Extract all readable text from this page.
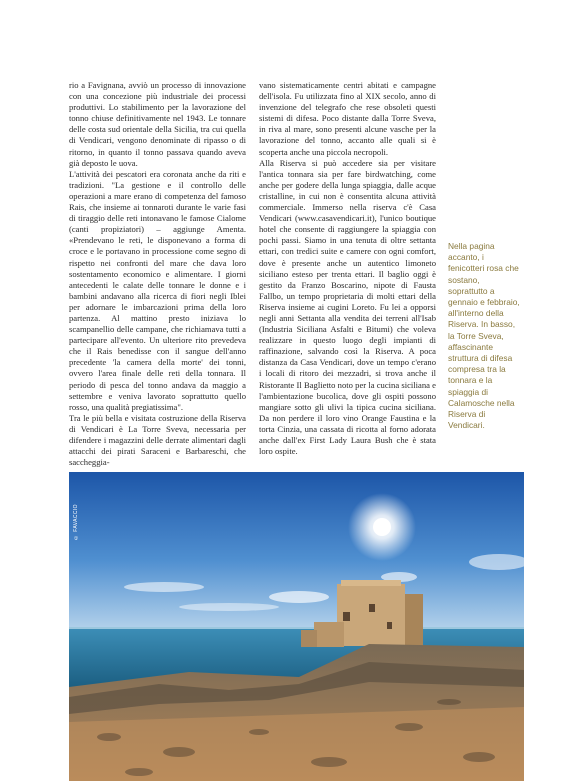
rio a Favignana, avviò un processo di innovazione con una concezione più industriale dei processi produttivi. Lo stabilimento per la lavorazione del tonno chiuse definitivamente nel 1943. Le tonnare delle costa sud orientale della Sicilia, tra cui quella di Vendicari, vengono denominate di ripasso o di ritorno, in quanto il tonno passava quando aveva già deposto le uova.

L'attività dei pescatori era coronata anche da riti e tradizioni. "La gestione e il controllo delle operazioni a mare erano di competenza del famoso Rais, che insieme ai tonnaroti durante le varie fasi di tiraggio delle reti intonavano le famose Cialome (canti propiziatori) – aggiunge Amenta. «Prendevano le reti, le disponevano a forma di croce e le portavano in processione come segno di rispetto nei confronti del mare che dava loro sostentamento economico e alimentare. I giorni antecedenti le calate delle tonnare le donne e i bambini andavano alla ricerca di fiori negli Iblei per adornare le imbarcazioni prima della loro partenza. Al mattino presto iniziava lo scampanellio delle campane, che richiamava tutti a partecipare all'evento. Un ulteriore rito prevedeva che il Rais benedisse con il sangue dell'anno precedente 'la camera della morte' dei tonni, ovvero l'area finale delle reti della tonnara. Il periodo di pesca del tonno andava da maggio a settembre e veniva lavorato soprattutto quello rosso, una qualità pregiatissima".

Tra le più bella e visitata costruzione della Riserva di Vendicari è La Torre Sveva, necessaria per difendere i magazzini delle derrate alimentari dagli attacchi dei pirati Saraceni e Barbareschi, che saccheggia-

vano sistematicamente centri abitati e campagne dell'isola. Fu utilizzata fino al XIX secolo, anno di invenzione del telegrafo che rese obsoleti questi sistemi di difesa. Poco distante dalla Torre Sveva, in riva al mare, sono presenti alcune vasche per la lavorazione del tonno, accanto alle quali si è scoperta anche una piccola necropoli.

Alla Riserva si può accedere sia per visitare l'antica tonnara sia per fare birdwatching, come anche per godere della lunga spiaggia, dalle acque cristalline, in cui non è consentita alcuna attività commerciale. Immerso nella riserva c'è Casa Vendicari (www.casavendicari.it), l'unico boutique hotel che consente di raggiungere la spiaggia con pochi passi. Siamo in una tenuta di oltre settanta ettari, con tredici suite e camere con ogni comfort, dove è presente anche un autentico limoneto siciliano esteso per trenta ettari. Il baglio oggi è gestito da Franzo Boscarino, nipote di Fausta Fallbo, un tempo proprietaria di molti ettari della Riserva insieme ai cugini Loreto. Fu lei a opporsi negli anni Settanta alla vendita dei terreni all'Isab (Industria Siciliana Asfalti e Bitumi) che voleva realizzare in questo luogo degli impianti di raffinazione, salvando così la Riserva. A poca distanza da Casa Vendicari, dove un tempo c'erano i locali di ritoro dei mezzadri, si trova anche il Ristorante Il Baglietto noto per la cucina siciliana e l'ambientazione bucolica, dove gli ospiti possono mangiare sotto gli ulivi la tipica cucina siciliana. Da non perdere il loro vino Orange Faustina e la torta Cinzia, una cassata di ricotta al forno adorata anche dall'ex First Lady Laura Bush che è stata loro ospite.

Nella pagina accanto, i fenicotteri rosa che sostano, soprattutto a gennaio e febbraio, all'interno della Riserva. In basso, la Torre Sveva, affascinante struttura di difesa compresa tra la tonnara e la spiaggia di Calamosche nella Riserva di Vendicari.
© FAVACCIO
